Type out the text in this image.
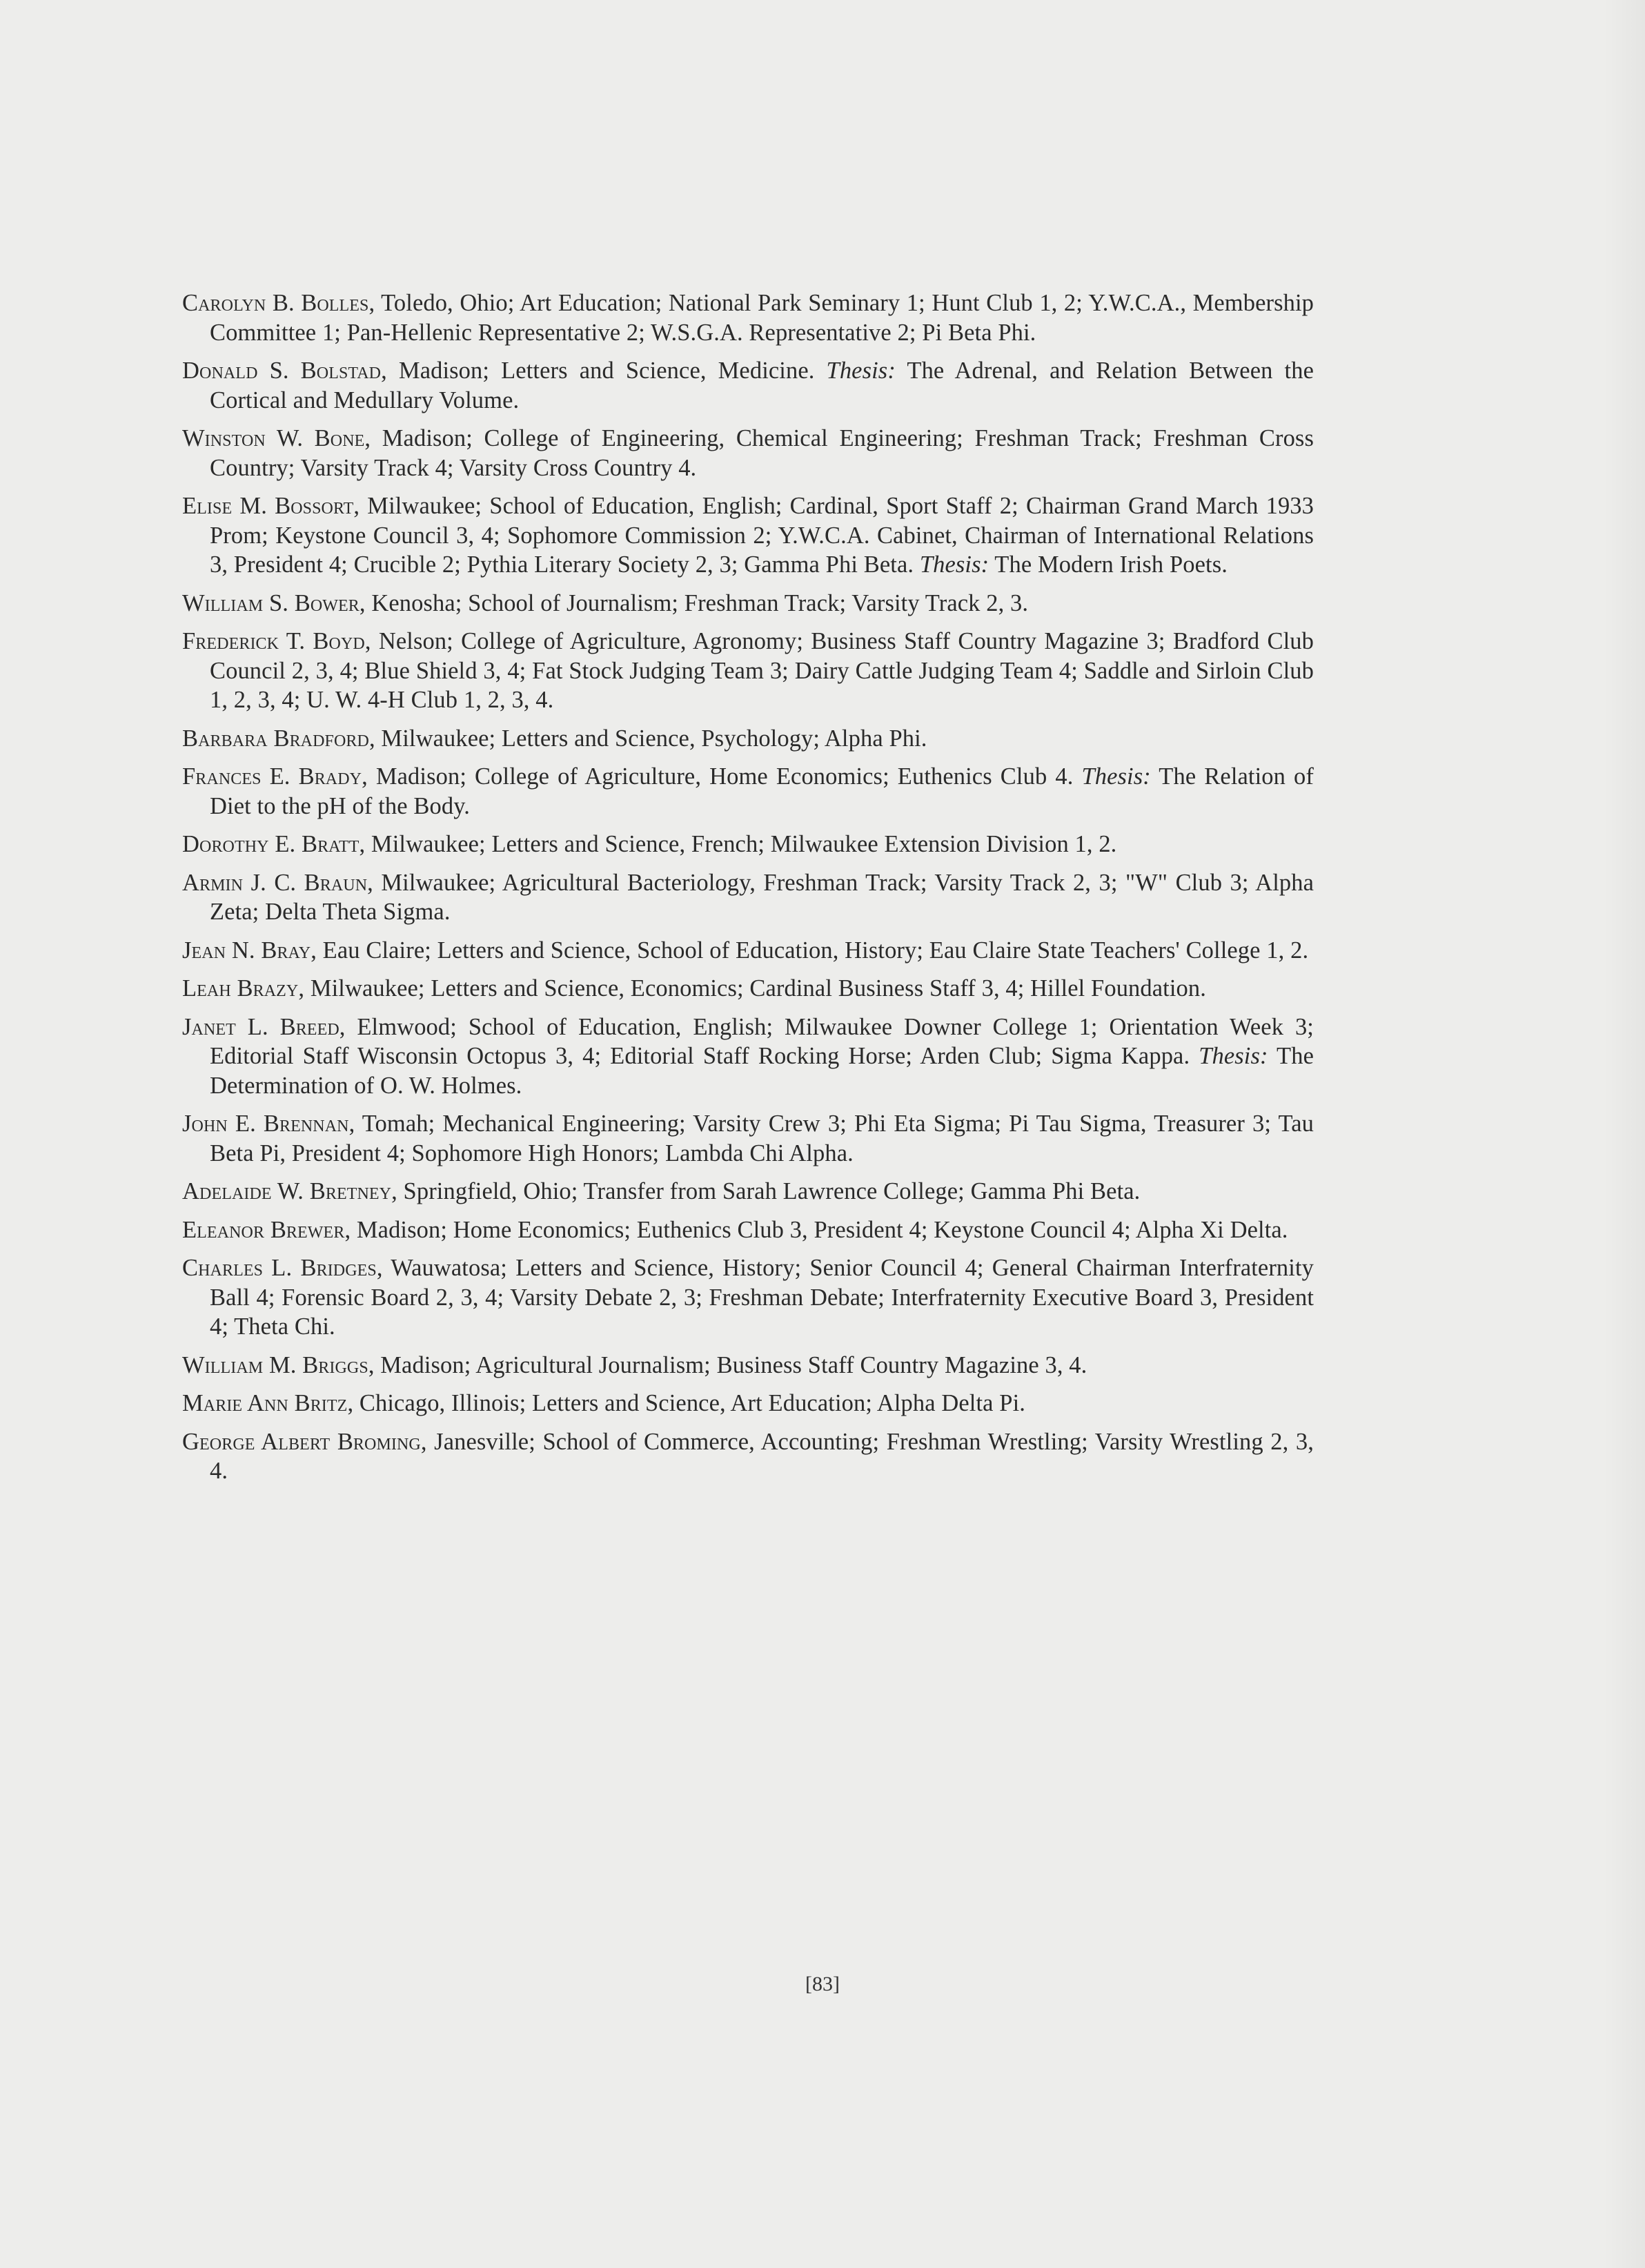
Carolyn B. Bolles, Toledo, Ohio; Art Education; National Park Seminary 1; Hunt Club 1, 2; Y.W.C.A., Membership Committee 1; Pan-Hellenic Representative 2; W.S.G.A. Representative 2; Pi Beta Phi.

Donald S. Bolstad, Madison; Letters and Science, Medicine. Thesis: The Adrenal, and Relation Between the Cortical and Medullary Volume.

Winston W. Bone, Madison; College of Engineering, Chemical Engineering; Freshman Track; Freshman Cross Country; Varsity Track 4; Varsity Cross Country 4.

Elise M. Bossort, Milwaukee; School of Education, English; Cardinal, Sport Staff 2; Chairman Grand March 1933 Prom; Keystone Council 3, 4; Sophomore Commission 2; Y.W.C.A. Cabinet, Chairman of International Relations 3, President 4; Crucible 2; Pythia Literary Society 2, 3; Gamma Phi Beta. Thesis: The Modern Irish Poets.

William S. Bower, Kenosha; School of Journalism; Freshman Track; Varsity Track 2, 3.

Frederick T. Boyd, Nelson; College of Agriculture, Agronomy; Business Staff Country Magazine 3; Bradford Club Council 2, 3, 4; Blue Shield 3, 4; Fat Stock Judging Team 3; Dairy Cattle Judging Team 4; Saddle and Sirloin Club 1, 2, 3, 4; U. W. 4-H Club 1, 2, 3, 4.

Barbara Bradford, Milwaukee; Letters and Science, Psychology; Alpha Phi.

Frances E. Brady, Madison; College of Agriculture, Home Economics; Euthenics Club 4. Thesis: The Relation of Diet to the pH of the Body.

Dorothy E. Bratt, Milwaukee; Letters and Science, French; Milwaukee Extension Division 1, 2.

Armin J. C. Braun, Milwaukee; Agricultural Bacteriology, Freshman Track; Varsity Track 2, 3; "W" Club 3; Alpha Zeta; Delta Theta Sigma.

Jean N. Bray, Eau Claire; Letters and Science, School of Education, History; Eau Claire State Teachers' College 1, 2.

Leah Brazy, Milwaukee; Letters and Science, Economics; Cardinal Business Staff 3, 4; Hillel Foundation.

Janet L. Breed, Elmwood; School of Education, English; Milwaukee Downer College 1; Orientation Week 3; Editorial Staff Wisconsin Octopus 3, 4; Editorial Staff Rocking Horse; Arden Club; Sigma Kappa. Thesis: The Determination of O. W. Holmes.

John E. Brennan, Tomah; Mechanical Engineering; Varsity Crew 3; Phi Eta Sigma; Pi Tau Sigma, Treasurer 3; Tau Beta Pi, President 4; Sophomore High Honors; Lambda Chi Alpha.

Adelaide W. Bretney, Springfield, Ohio; Transfer from Sarah Lawrence College; Gamma Phi Beta.

Eleanor Brewer, Madison; Home Economics; Euthenics Club 3, President 4; Keystone Council 4; Alpha Xi Delta.

Charles L. Bridges, Wauwatosa; Letters and Science, History; Senior Council 4; General Chairman Interfraternity Ball 4; Forensic Board 2, 3, 4; Varsity Debate 2, 3; Freshman Debate; Interfraternity Executive Board 3, President 4; Theta Chi.

William M. Briggs, Madison; Agricultural Journalism; Business Staff Country Magazine 3, 4.

Marie Ann Britz, Chicago, Illinois; Letters and Science, Art Education; Alpha Delta Pi.

George Albert Broming, Janesville; School of Commerce, Accounting; Freshman Wrestling; Varsity Wrestling 2, 3, 4.

[83]
